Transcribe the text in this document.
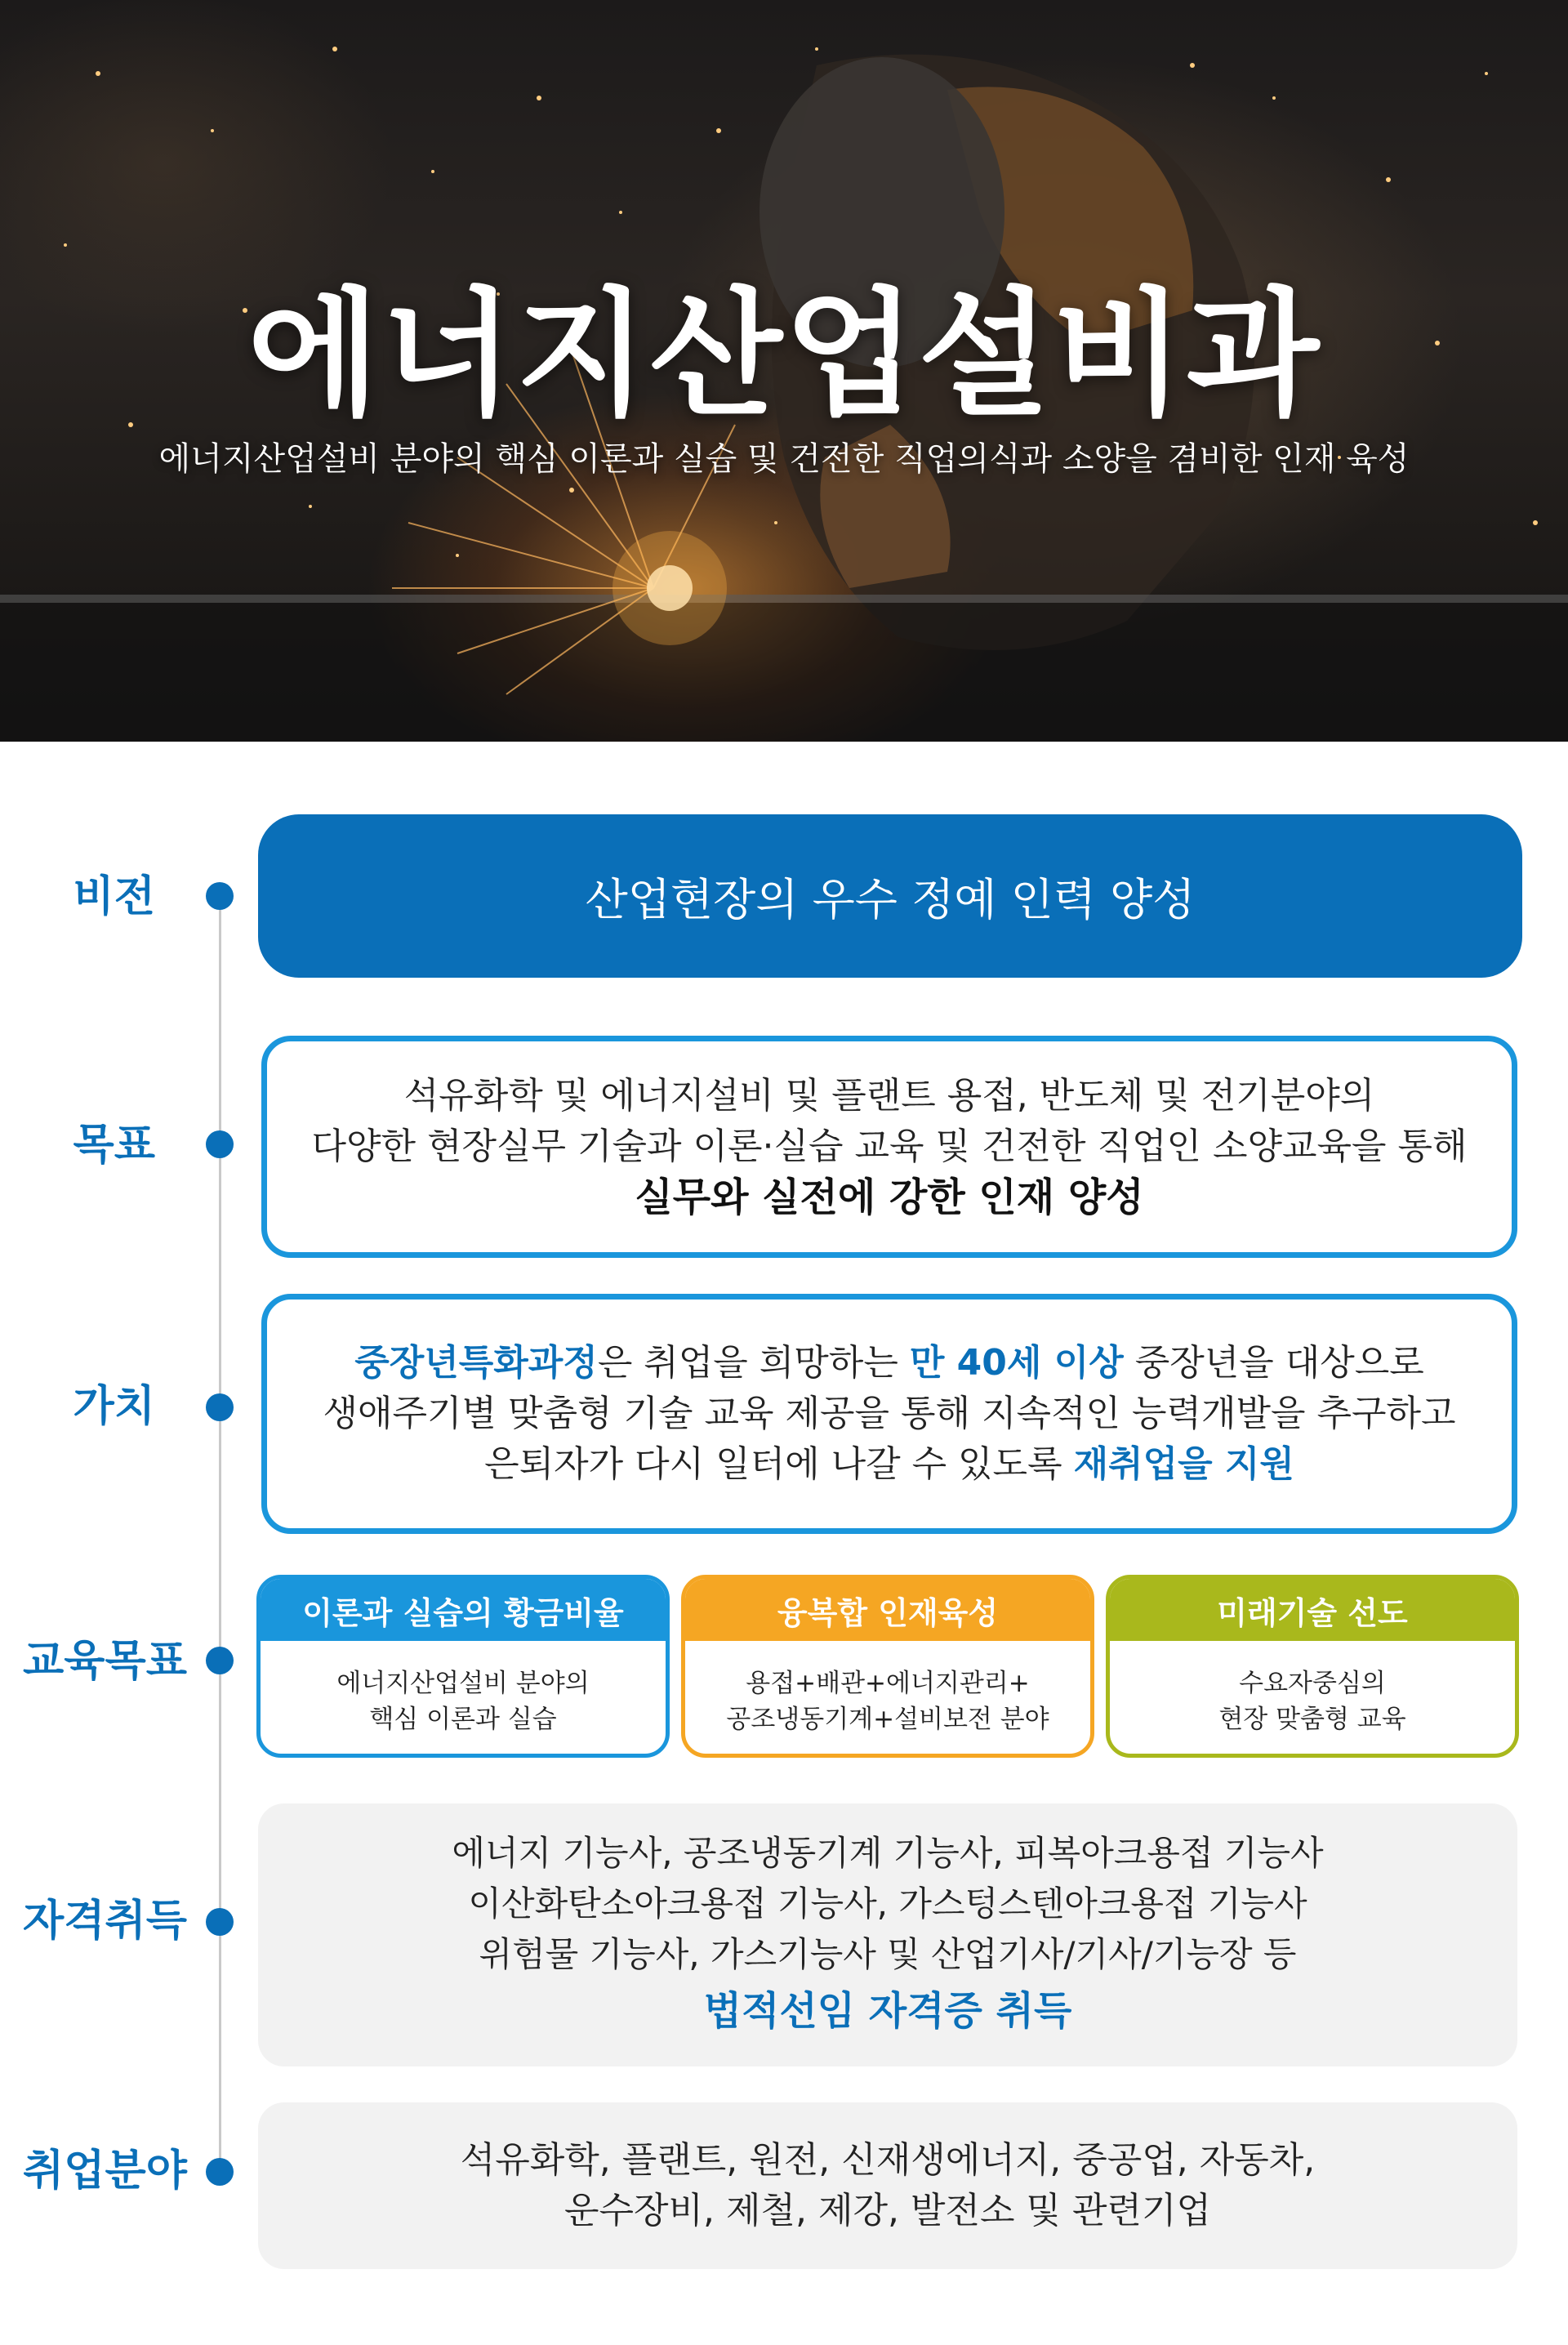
에너지산업설비과
에너지산업설비 분야의 핵심 이론과 실습 및 건전한 직업의식과 소양을 겸비한 인재 육성
비전	산업현장의 우수 정예 인력 양성
목표
석유화학 및 에너지설비 및 플랜트 용접, 반도체 및 전기분야의
다양한 현장실무 기술과 이론·실습 교육 및 건전한 직업인 소양교육을 통해
실무와 실전에 강한 인재 양성
가치
중장년특화과정은 취업을 희망하는 만 40세 이상 중장년을 대상으로
생애주기별 맞춤형 기술 교육 제공을 통해 지속적인 능력개발을 추구하고
은퇴자가 다시 일터에 나갈 수 있도록 재취업을 지원
교육목표
이론과 실습의 황금비율
에너지산업설비 분야의
핵심 이론과 실습
융복합 인재육성
용접+배관+에너지관리+
공조냉동기계+설비보전 분야
미래기술 선도
수요자중심의
현장 맞춤형 교육
자격취득
에너지 기능사, 공조냉동기계 기능사, 피복아크용접 기능사
이산화탄소아크용접 기능사, 가스텅스텐아크용접 기능사
위험물 기능사, 가스기능사 및 산업기사/기사/기능장 등
법적선임 자격증 취득
취업분야	석유화학, 플랜트, 원전, 신재생에너지, 중공업, 자동차,
운수장비, 제철, 제강, 발전소 및 관련기업
